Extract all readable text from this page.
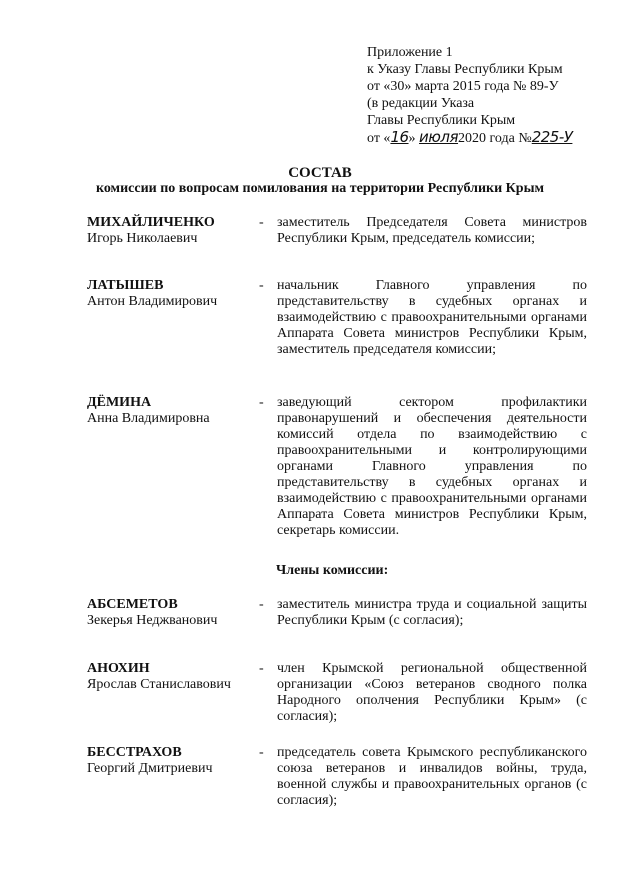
Приложение 1
к Указу Главы Республики Крым
от «30» марта 2015 года № 89-У
(в редакции Указа
Главы Республики Крым
от «16» июля2020 года №225-У
СОСТАВ
комиссии по вопросам помилования на территории Республики Крым
МИХАЙЛИЧЕНКО
Игорь Николаевич
- заместитель Председателя Совета министров Республики Крым, председатель комиссии;
ЛАТЫШЕВ
Антон Владимирович
- начальник Главного управления по представительству в судебных органах и взаимодействию с правоохранительными органами Аппарата Совета министров Республики Крым, заместитель председателя комиссии;
ДЁМИНА
Анна Владимировна
- заведующий сектором профилактики правонарушений и обеспечения деятельности комиссий отдела по взаимодействию с правоохранительными и контролирующими органами Главного управления по представительству в судебных органах и взаимодействию с правоохранительными органами Аппарата Совета министров Республики Крым, секретарь комиссии.
Члены комиссии:
АБСЕМЕТОВ
Зекерья Неджванович
- заместитель министра труда и социальной защиты Республики Крым (с согласия);
АНОХИН
Ярослав Станиславович
- член Крымской региональной общественной организации «Союз ветеранов сводного полка Народного ополчения Республики Крым» (с согласия);
БЕССТРАХОВ
Георгий Дмитриевич
- председатель совета Крымского республиканского союза ветеранов и инвалидов войны, труда, военной службы и правоохранительных органов (с согласия);
